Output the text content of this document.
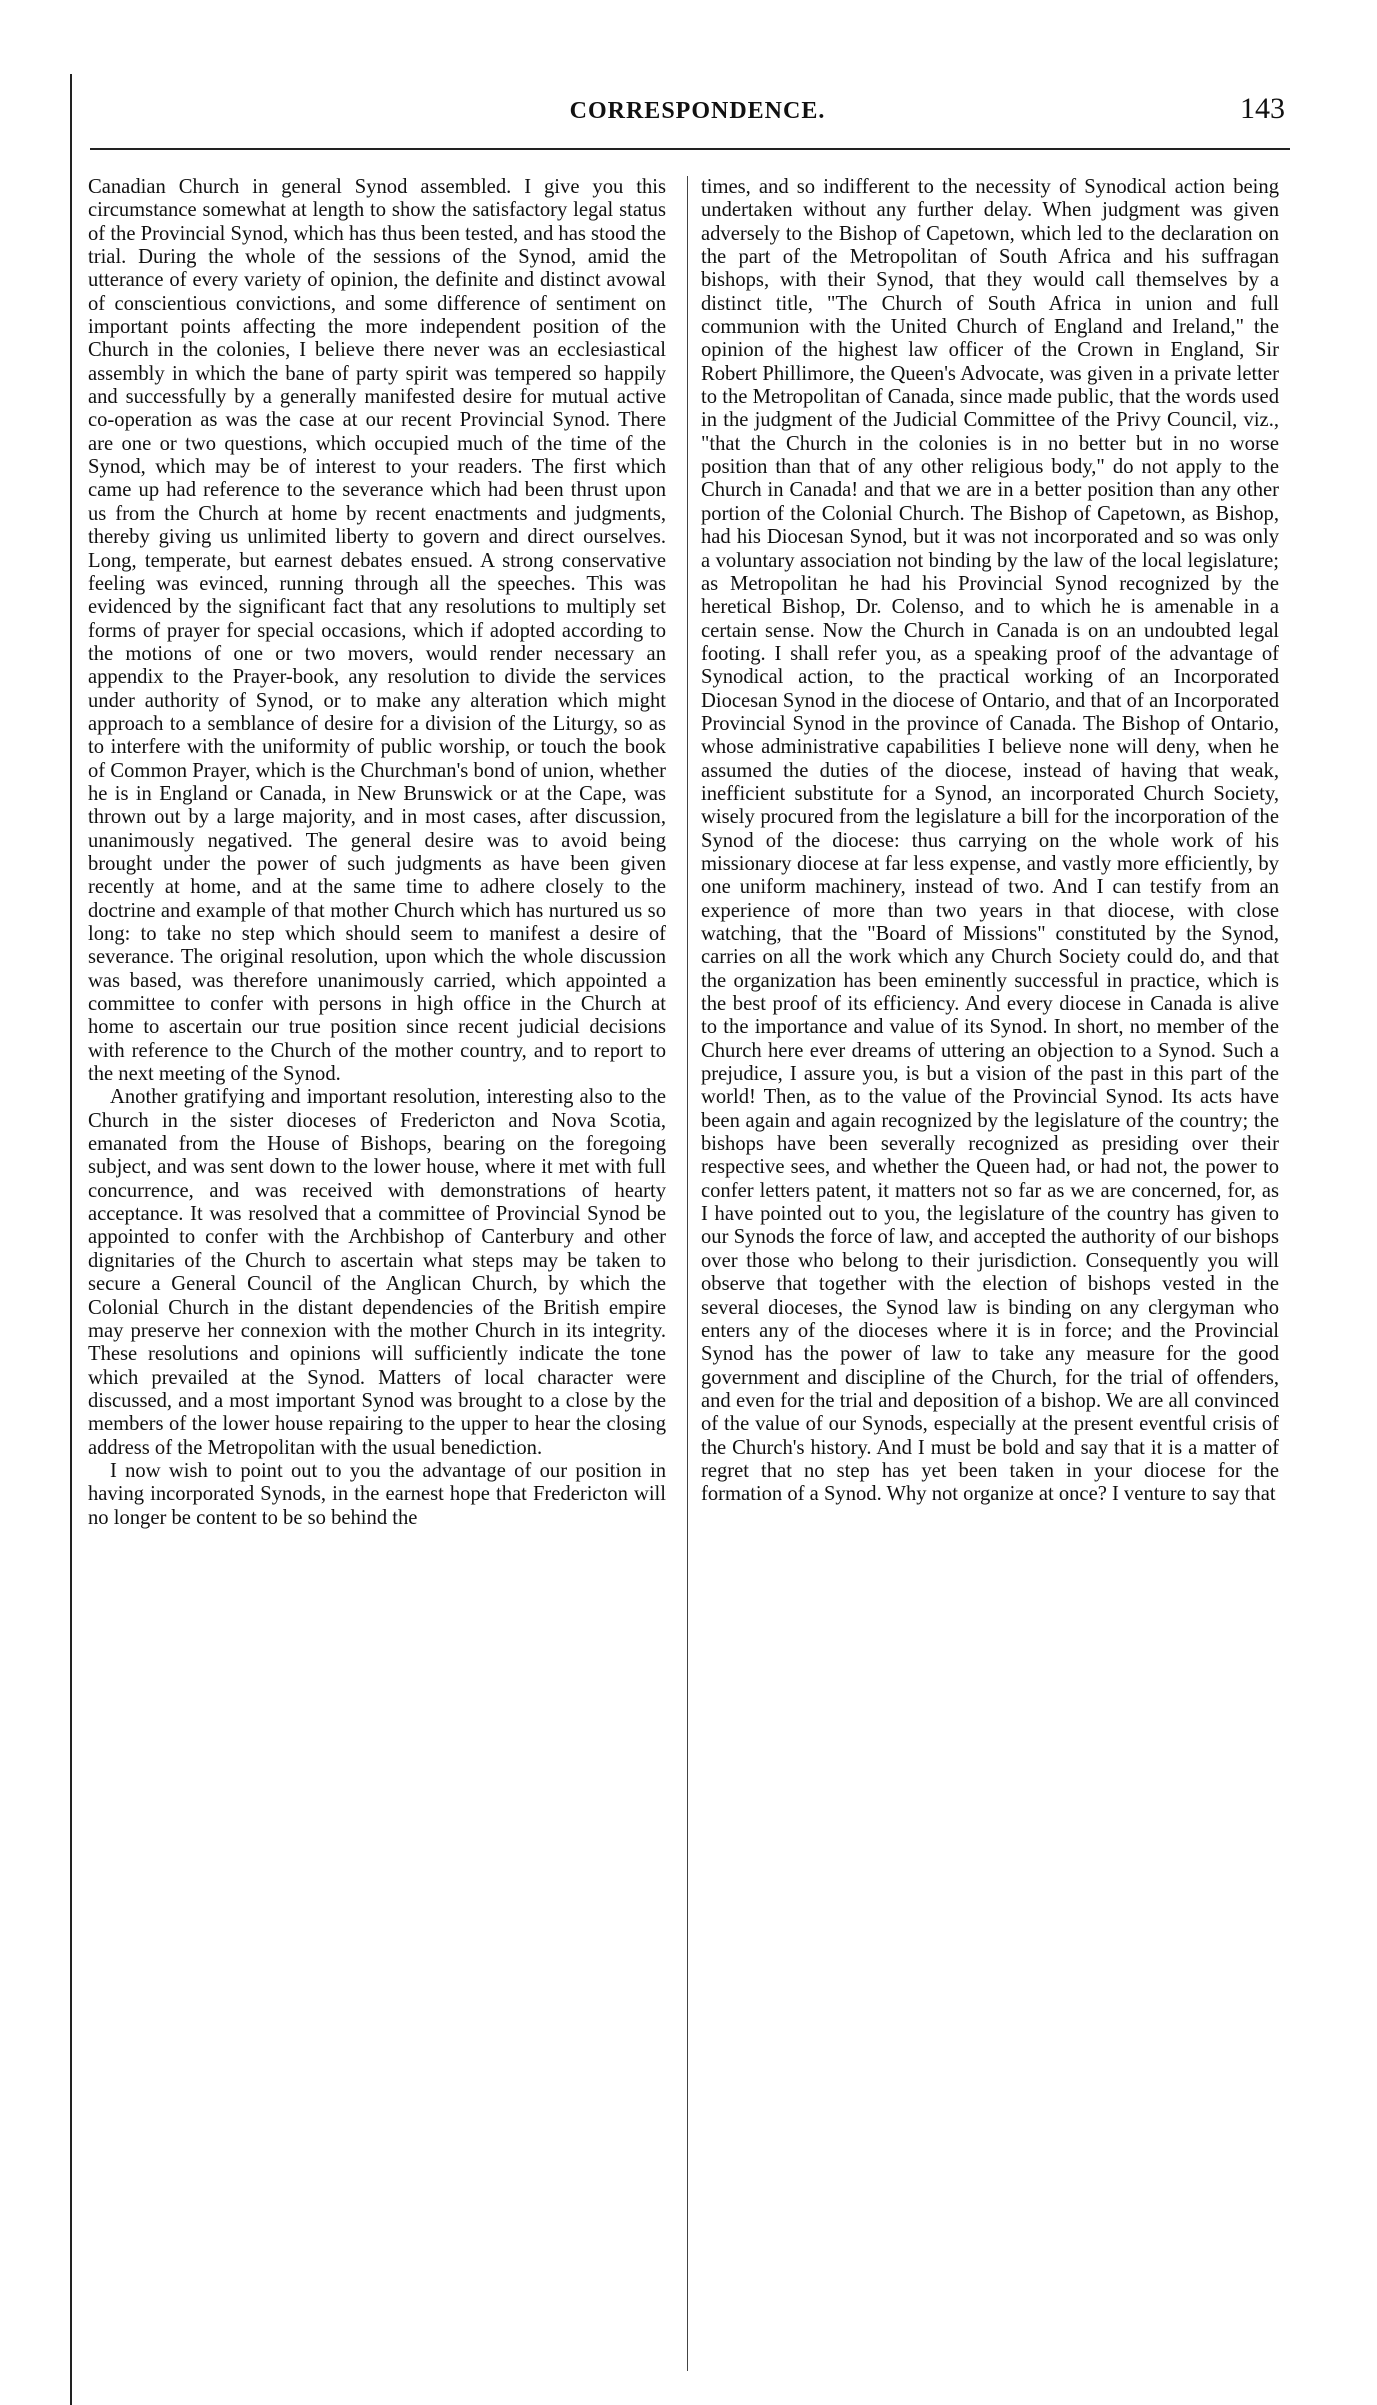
CORRESPONDENCE.	143

Canadian Church in general Synod assembled. I give you this circumstance somewhat at length to show the satisfactory legal status of the Provincial Synod, which has thus been tested, and has stood the trial. During the whole of the sessions of the Synod, amid the utterance of every variety of opinion, the definite and distinct avowal of conscientious convictions, and some difference of sentiment on important points affecting the more independent position of the Church in the colonies, I believe there never was an ecclesiastical assembly in which the bane of party spirit was tempered so happily and successfully by a generally manifested desire for mutual active co-operation as was the case at our recent Provincial Synod. There are one or two questions, which occupied much of the time of the Synod, which may be of interest to your readers. The first which came up had reference to the severance which had been thrust upon us from the Church at home by recent enactments and judgments, thereby giving us unlimited liberty to govern and direct ourselves. Long, temperate, but earnest debates ensued. A strong conservative feeling was evinced, running through all the speeches. This was evidenced by the significant fact that any resolutions to multiply set forms of prayer for special occasions, which if adopted according to the motions of one or two movers, would render necessary an appendix to the Prayer-book, any resolution to divide the services under authority of Synod, or to make any alteration which might approach to a semblance of desire for a division of the Liturgy, so as to interfere with the uniformity of public worship, or touch the book of Common Prayer, which is the Churchman's bond of union, whether he is in England or Canada, in New Brunswick or at the Cape, was thrown out by a large majority, and in most cases, after discussion, unanimously negatived. The general desire was to avoid being brought under the power of such judgments as have been given recently at home, and at the same time to adhere closely to the doctrine and example of that mother Church which has nurtured us so long: to take no step which should seem to manifest a desire of severance. The original resolution, upon which the whole discussion was based, was therefore unanimously carried, which appointed a committee to confer with persons in high office in the Church at home to ascertain our true position since recent judicial decisions with reference to the Church of the mother country, and to report to the next meeting of the Synod.

Another gratifying and important resolution, interesting also to the Church in the sister dioceses of Fredericton and Nova Scotia, emanated from the House of Bishops, bearing on the foregoing subject, and was sent down to the lower house, where it met with full concurrence, and was received with demonstrations of hearty acceptance. It was resolved that a committee of Provincial Synod be appointed to confer with the Archbishop of Canterbury and other dignitaries of the Church to ascertain what steps may be taken to secure a General Council of the Anglican Church, by which the Colonial Church in the distant dependencies of the British empire may preserve her connexion with the mother Church in its integrity. These resolutions and opinions will sufficiently indicate the tone which prevailed at the Synod. Matters of local character were discussed, and a most important Synod was brought to a close by the members of the lower house repairing to the upper to hear the closing address of the Metropolitan with the usual benediction.

I now wish to point out to you the advantage of our position in having incorporated Synods, in the earnest hope that Fredericton will no longer be content to be so behind the

times, and so indifferent to the necessity of Synodical action being undertaken without any further delay. When judgment was given adversely to the Bishop of Capetown, which led to the declaration on the part of the Metropolitan of South Africa and his suffragan bishops, with their Synod, that they would call themselves by a distinct title, "The Church of South Africa in union and full communion with the United Church of England and Ireland," the opinion of the highest law officer of the Crown in England, Sir Robert Phillimore, the Queen's Advocate, was given in a private letter to the Metropolitan of Canada, since made public, that the words used in the judgment of the Judicial Committee of the Privy Council, viz., "that the Church in the colonies is in no better but in no worse position than that of any other religious body," do not apply to the Church in Canada! and that we are in a better position than any other portion of the Colonial Church. The Bishop of Capetown, as Bishop, had his Diocesan Synod, but it was not incorporated and so was only a voluntary association not binding by the law of the local legislature; as Metropolitan he had his Provincial Synod recognized by the heretical Bishop, Dr. Colenso, and to which he is amenable in a certain sense. Now the Church in Canada is on an undoubted legal footing. I shall refer you, as a speaking proof of the advantage of Synodical action, to the practical working of an Incorporated Diocesan Synod in the diocese of Ontario, and that of an Incorporated Provincial Synod in the province of Canada. The Bishop of Ontario, whose administrative capabilities I believe none will deny, when he assumed the duties of the diocese, instead of having that weak, inefficient substitute for a Synod, an incorporated Church Society, wisely procured from the legislature a bill for the incorporation of the Synod of the diocese: thus carrying on the whole work of his missionary diocese at far less expense, and vastly more efficiently, by one uniform machinery, instead of two. And I can testify from an experience of more than two years in that diocese, with close watching, that the "Board of Missions" constituted by the Synod, carries on all the work which any Church Society could do, and that the organization has been eminently successful in practice, which is the best proof of its efficiency. And every diocese in Canada is alive to the importance and value of its Synod. In short, no member of the Church here ever dreams of uttering an objection to a Synod. Such a prejudice, I assure you, is but a vision of the past in this part of the world! Then, as to the value of the Provincial Synod. Its acts have been again and again recognized by the legislature of the country; the bishops have been severally recognized as presiding over their respective sees, and whether the Queen had, or had not, the power to confer letters patent, it matters not so far as we are concerned, for, as I have pointed out to you, the legislature of the country has given to our Synods the force of law, and accepted the authority of our bishops over those who belong to their jurisdiction. Consequently you will observe that together with the election of bishops vested in the several dioceses, the Synod law is binding on any clergyman who enters any of the dioceses where it is in force; and the Provincial Synod has the power of law to take any measure for the good government and discipline of the Church, for the trial of offenders, and even for the trial and deposition of a bishop. We are all convinced of the value of our Synods, especially at the present eventful crisis of the Church's history. And I must be bold and say that it is a matter of regret that no step has yet been taken in your diocese for the formation of a Synod. Why not organize at once? I venture to say that
